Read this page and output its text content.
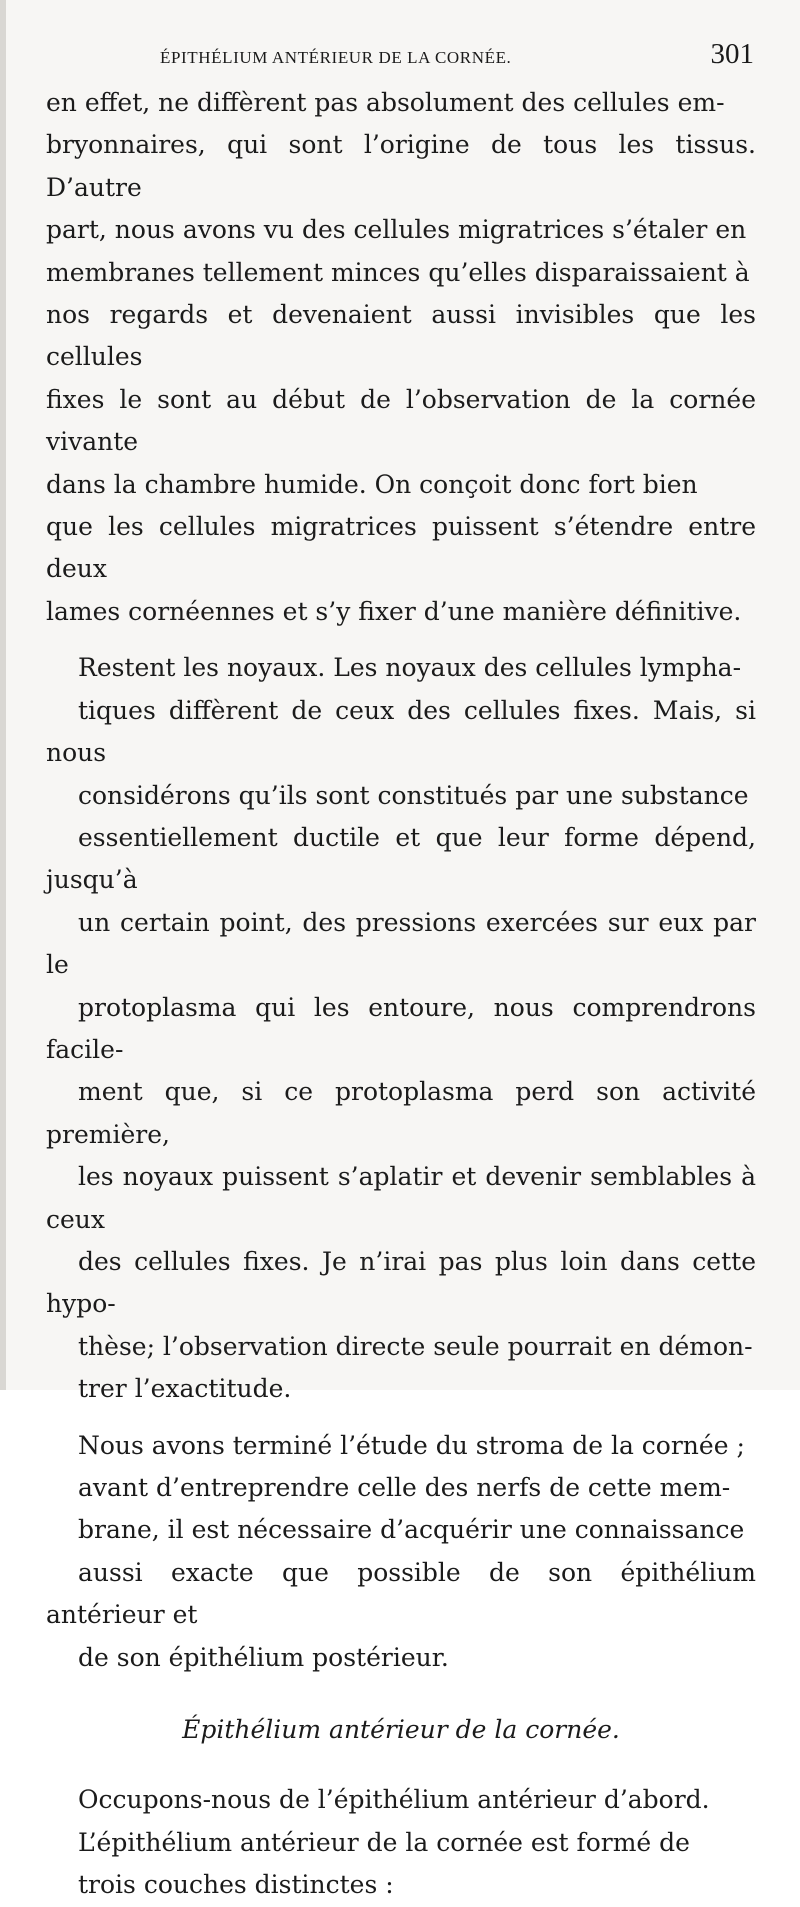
ÉPITHÉLIUM ANTÉRIEUR DE LA CORNÉE.	301

en effet, ne diffèrent pas absolument des cellules em-
bryonnaires, qui sont l’origine de tous les tissus. D’autre
part, nous avons vu des cellules migratrices s’étaler en
membranes tellement minces qu’elles disparaissaient à
nos regards et devenaient aussi invisibles que les cellules
fixes le sont au début de l’observation de la cornée vivante
dans la chambre humide. On conçoit donc fort bien
que les cellules migratrices puissent s’étendre entre deux
lames cornéennes et s’y fixer d’une manière définitive.

Restent les noyaux. Les noyaux des cellules lympha-
tiques diffèrent de ceux des cellules fixes. Mais, si nous
considérons qu’ils sont constitués par une substance
essentiellement ductile et que leur forme dépend, jusqu’à
un certain point, des pressions exercées sur eux par le
protoplasma qui les entoure, nous comprendrons facile-
ment que, si ce protoplasma perd son activité première,
les noyaux puissent s’aplatir et devenir semblables à ceux
des cellules fixes. Je n’irai pas plus loin dans cette hypo-
thèse; l’observation directe seule pourrait en démon-
trer l’exactitude.

Nous avons terminé l’étude du stroma de la cornée ;
avant d’entreprendre celle des nerfs de cette mem-
brane, il est nécessaire d’acquérir une connaissance
aussi exacte que possible de son épithélium antérieur et
de son épithélium postérieur.

Épithélium antérieur de la cornée.

Occupons-nous de l’épithélium antérieur d’abord.

L’épithélium antérieur de la cornée est formé de
trois couches distinctes :
